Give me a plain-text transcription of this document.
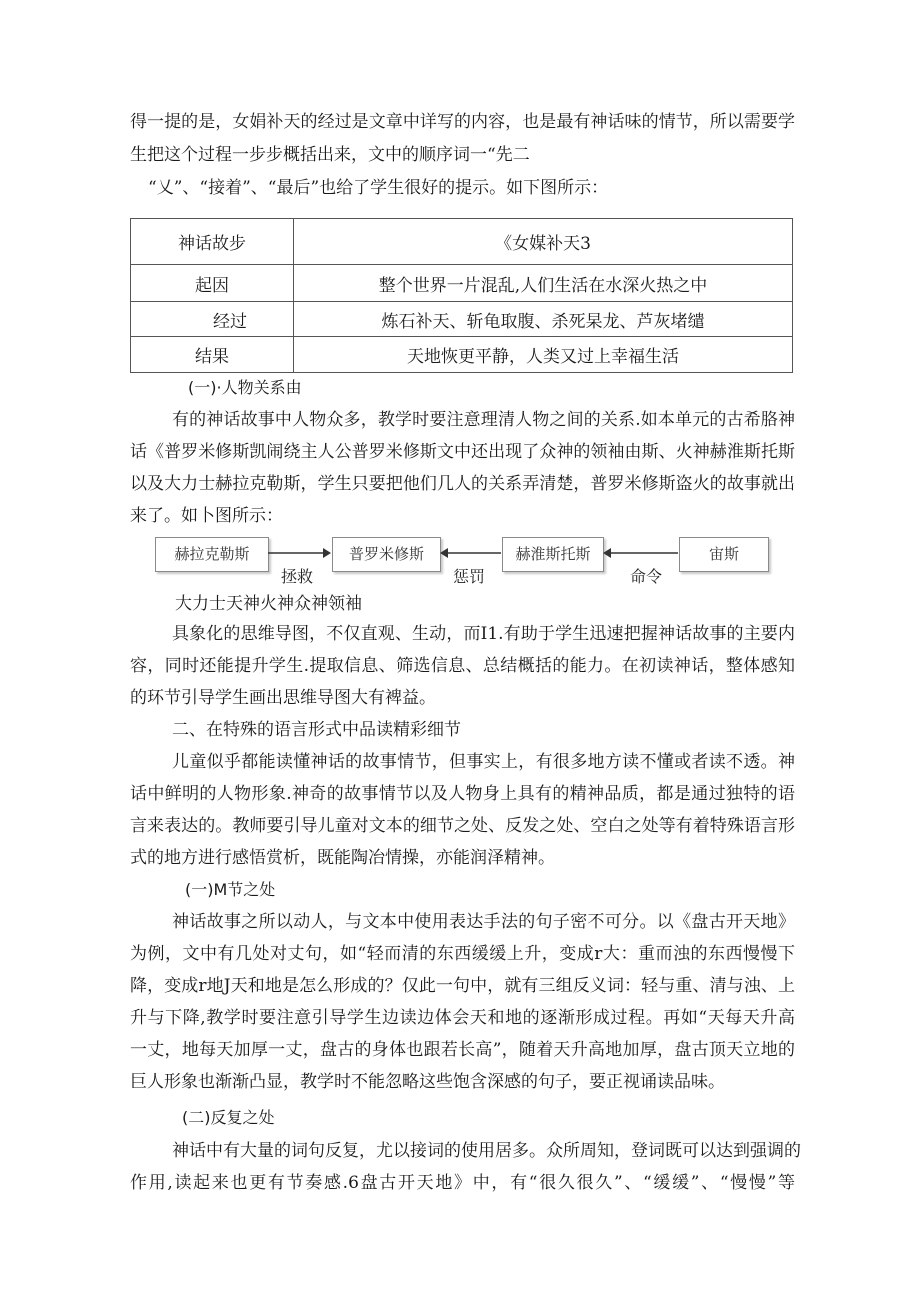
得一提的是，女娟补天的经过是文章中详写的内容，也是最有神话味的情节，所以需要学
生把这个过程一步步概括出来，文中的顺序词一“先二
“乂”、“接着”、“最后”也给了学生很好的提示。如下图所示：
神话故步	《女媒补天3
起因	整个世界一片混乱,人们生活在水深火热之中
经过	炼石补天、斩龟取腹、杀死杲龙、芦灰堵缱
结果	天地恢更平静，人类又过上幸福生活
(一)·人物关系由
有的神话故事中人物众多，教学时要注意理清人物之间的关系.如本单元的古希胳神
话《普罗米修斯凯闹绕主人公普罗米修斯文中还出现了众神的领袖由斯、火神赫淮斯托斯
以及大力士赫拉克勒斯，学生只要把他们几人的关系弄清楚，普罗米修斯盗火的故事就出
来了。如卜图所示：
赫拉克勒斯	普罗米修斯	赫淮斯托斯	宙斯
拯救	惩罚	命令
大力士天神火神众神领袖
具象化的思维导图，不仅直观、生动，而I1.有助于学生迅速把握神话故事的主要内
容，同时还能提升学生.提取信息、筛选信息、总结概括的能力。在初读神话，整体感知
的环节引导学生画出思维导图大有裨益。
二、在特殊的语言形式中品读精彩细节
儿童似乎都能读懂神话的故事情节，但事实上，有很多地方读不懂或者读不透。神
话中鲜明的人物形象.神奇的故事情节以及人物身上具有的精神品质，都是通过独特的语
言来表达的。教师要引导儿童对文本的细节之处、反发之处、空白之处等有着特殊语言形
式的地方进行感悟赏析，既能陶冶情操，亦能润泽精神。
(一)M节之处
神话故事之所以动人，与文本中使用表达手法的句子密不可分。以《盘古开天地》
为例，文中有几处对丈句，如“轻而清的东西缓缓上升，变成r大：重而浊的东西慢慢下
降，变成r地J天和地是怎么形成的？仅此一句中，就有三组反义词：轻与重、清与浊、上
升与下降,教学时要注意引导学生边读边体会天和地的逐渐形成过程。再如“天每天升高
一丈，地每天加厚一丈，盘古的身体也跟若长高”，随着天升高地加厚，盘古顶天立地的
巨人形象也渐渐凸显，教学时不能忽略这些饱含深感的句子，要正视诵读品味。
(二)反复之处
神话中有大量的词句反复，尤以接词的使用居多。众所周知，登词既可以达到强调的
作用,读起来也更有节奏感.6盘古开天地》中，有“很久很久”、“缓缓”、“慢慢”等
